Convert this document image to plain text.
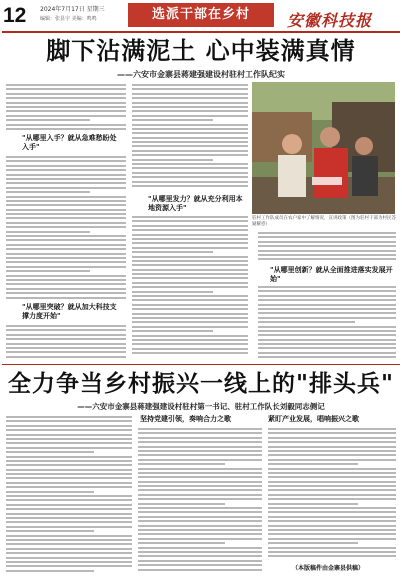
12 2024年7月17日 星期三
编辑：张显宇 美编：鸣鸣	选派干部在乡村	安徽科技报
脚下沾满泥土 心中装满真情
——六安市金寨县蒋建强建设村驻村工作队纪实
"从哪里入手？就从急难愁盼处入手"
"从哪里突破？就从加大科技支撑力度开始"
"从哪里发力？就从充分利用本地资源入手"
"从哪里创新？就从全面推进落实发展开始"
驻村工作队成员在农户家中了解情况，宣讲政策（图为驻村干部为村民答疑解惑）
全力争当乡村振兴一线上的"排头兵"
——六安市金寨县蒋建强建设村驻村第一书记、驻村工作队长刘毅同志侧记
坚持党建引领，奏响合力之歌	紧盯产业发展，唱响振兴之歌
（本版稿件由金寨县供稿）
